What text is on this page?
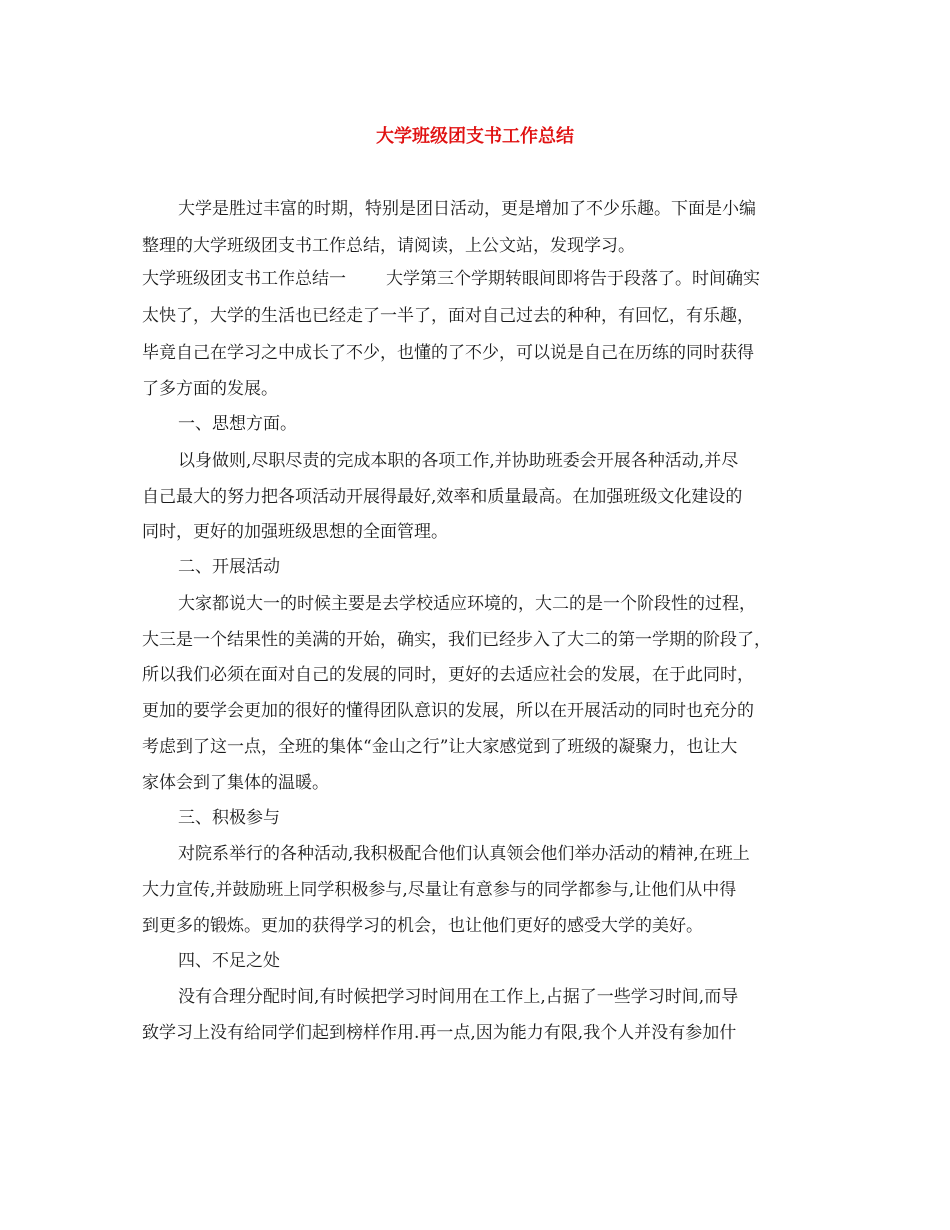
大学班级团支书工作总结
大学是胜过丰富的时期，特别是团日活动，更是增加了不少乐趣。下面是小编
整理的大学班级团支书工作总结，请阅读，上公文站，发现学习。
大学班级团支书工作总结一 大学第三个学期转眼间即将告于段落了。时间确实
太快了，大学的生活也已经走了一半了，面对自己过去的种种，有回忆，有乐趣，
毕竟自己在学习之中成长了不少，也懂的了不少，可以说是自己在历练的同时获得
了多方面的发展。
一、思想方面。
以身做则,尽职尽责的完成本职的各项工作,并协助班委会开展各种活动,并尽
自己最大的努力把各项活动开展得最好,效率和质量最高。在加强班级文化建设的
同时，更好的加强班级思想的全面管理。
二、开展活动
大家都说大一的时候主要是去学校适应环境的，大二的是一个阶段性的过程，
大三是一个结果性的美满的开始，确实，我们已经步入了大二的第一学期的阶段了，
所以我们必须在面对自己的发展的同时，更好的去适应社会的发展，在于此同时，
更加的要学会更加的很好的懂得团队意识的发展，所以在开展活动的同时也充分的
考虑到了这一点，全班的集体“金山之行”让大家感觉到了班级的凝聚力，也让大
家体会到了集体的温暖。
三、积极参与
对院系举行的各种活动,我积极配合他们认真领会他们举办活动的精神,在班上
大力宣传,并鼓励班上同学积极参与,尽量让有意参与的同学都参与,让他们从中得
到更多的锻炼。更加的获得学习的机会，也让他们更好的感受大学的美好。
四、不足之处
没有合理分配时间,有时候把学习时间用在工作上,占据了一些学习时间,而导
致学习上没有给同学们起到榜样作用.再一点,因为能力有限,我个人并没有参加什
